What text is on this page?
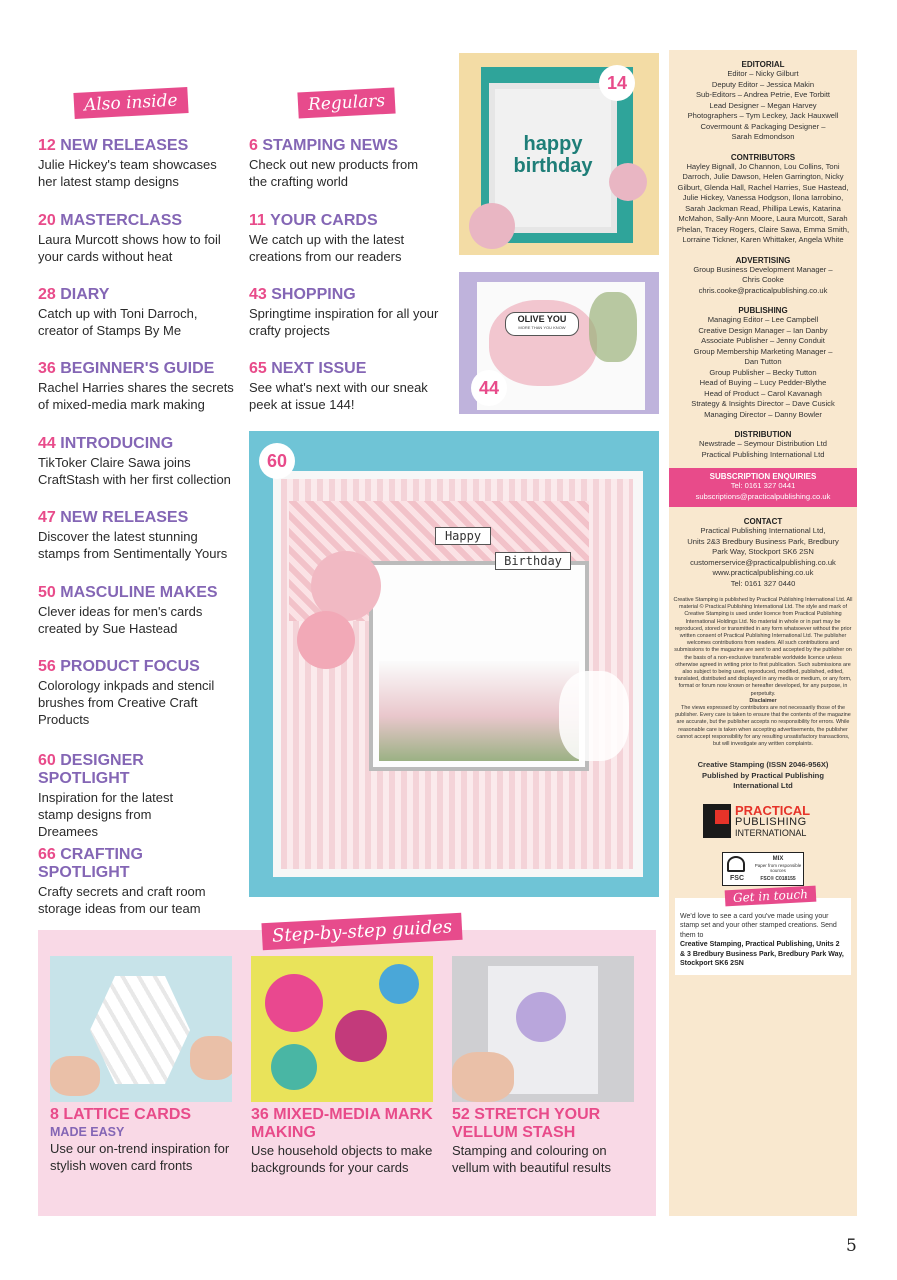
Also inside
12 NEW RELEASES

Julie Hickey's team showcases her latest stamp designs

20 MASTERCLASS

Laura Murcott shows how to foil your cards without heat

28 DIARY

Catch up with Toni Darroch, creator of Stamps By Me

36 BEGINNER'S GUIDE

Rachel Harries shares the secrets of mixed-media mark making

44 INTRODUCING

TikToker Claire Sawa joins CraftStash with her first collection

47 NEW RELEASES

Discover the latest stunning stamps from Sentimentally Yours

50 MASCULINE MAKES

Clever ideas for men's cards created by Sue Hastead

56 PRODUCT FOCUS

Colorology inkpads and stencil brushes from Creative Craft Products

60 DESIGNER SPOTLIGHT

Inspiration for the latest stamp designs from Dreamees

66 CRAFTING SPOTLIGHT

Crafty secrets and craft room storage ideas from our team

Regulars
6 STAMPING NEWS

Check out new products from the crafting world

11 YOUR CARDS

We catch up with the latest creations from our readers

43 SHOPPING

Springtime inspiration for all your crafty projects

65 NEXT ISSUE

See what's next with our sneak peek at issue 144!

happy birthday
14
OLIVE YOU
MORE THAN YOU KNOW
44
Happy
Birthday
60
Step-by-step guides
8 LATTICE CARDS
MADE EASY

Use our on-trend inspiration for stylish woven card fronts

36 MIXED-MEDIA MARK MAKING

Use household objects to make backgrounds for your cards

52 STRETCH YOUR VELLUM STASH

Stamping and colouring on vellum with beautiful results

EDITORIAL
Editor – Nicky Gilburt
Deputy Editor – Jessica Makin
Sub-Editors – Andrea Petrie, Eve Torbitt
Lead Designer – Megan Harvey
Photographers – Tym Leckey, Jack Hauxwell
Covermount & Packaging Designer –
Sarah Edmondson
CONTRIBUTORS
Hayley Bignall, Jo Channon, Lou Collins, Toni Darroch, Julie Dawson, Helen Garrington, Nicky Gilburt, Glenda Hall, Rachel Harries, Sue Hastead, Julie Hickey, Vanessa Hodgson, Ilona Iarrobino, Sarah Jackman Read, Phillipa Lewis, Katarina McMahon, Sally-Ann Moore, Laura Murcott, Sarah Phelan, Tracey Rogers, Claire Sawa, Emma Smith, Lorraine Tickner, Karen Whittaker, Angela White
ADVERTISING
Group Business Development Manager –
Chris Cooke
chris.cooke@practicalpublishing.co.uk
PUBLISHING
Managing Editor – Lee Campbell
Creative Design Manager – Ian Danby
Associate Publisher – Jenny Conduit
Group Membership Marketing Manager –
Dan Tutton
Group Publisher – Becky Tutton
Head of Buying – Lucy Pedder-Blythe
Head of Product – Carol Kavanagh
Strategy & Insights Director – Dave Cusick
Managing Director – Danny Bowler
DISTRIBUTION
Newstrade – Seymour Distribution Ltd
Practical Publishing International Ltd
SUBSCRIPTION ENQUIRIES
Tel: 0161 327 0441
subscriptions@practicalpublishing.co.uk
CONTACT
Practical Publishing International Ltd,
Units 2&3 Bredbury Business Park, Bredbury
Park Way, Stockport SK6 2SN
customerservice@practicalpublishing.co.uk
www.practicalpublishing.co.uk
Tel: 0161 327 0440
Creative Stamping is published by Practical Publishing International Ltd. All material © Practical Publishing International Ltd. The style and mark of Creative Stamping is used under licence from Practical Publishing International Holdings Ltd. No material in whole or in part may be reproduced, stored or transmitted in any form whatsoever without the prior written consent of Practical Publishing International Ltd. The publisher welcomes contributions from readers. All such contributions and submissions to the magazine are sent to and accepted by the publisher on the basis of a non-exclusive transferable worldwide licence unless otherwise agreed in writing prior to first publication. Such submissions are also subject to being used, reproduced, modified, published, edited, translated, distributed and displayed in any media or medium, or any form, format or forum now known or hereafter developed, for any purpose, in perpetuity.
Disclaimer
The views expressed by contributors are not necessarily those of the publisher. Every care is taken to ensure that the contents of the magazine are accurate, but the publisher accepts no responsibility for errors. While reasonable care is taken when accepting advertisements, the publisher cannot accept responsibility for any resulting unsatisfactory transactions, but will investigate any written complaints.
Creative Stamping (ISSN 2046-956X) Published by Practical Publishing International Ltd
PRACTICAL
PUBLISHING
INTERNATIONAL
FSC
MIX
Paper from responsible sources
FSC® C018155
Get in touch
We'd love to see a card you've made using your stamp set and your other stamped creations. Send them to
Creative Stamping, Practical Publishing, Units 2 & 3 Bredbury Business Park, Bredbury Park Way, Stockport SK6 2SN
5
